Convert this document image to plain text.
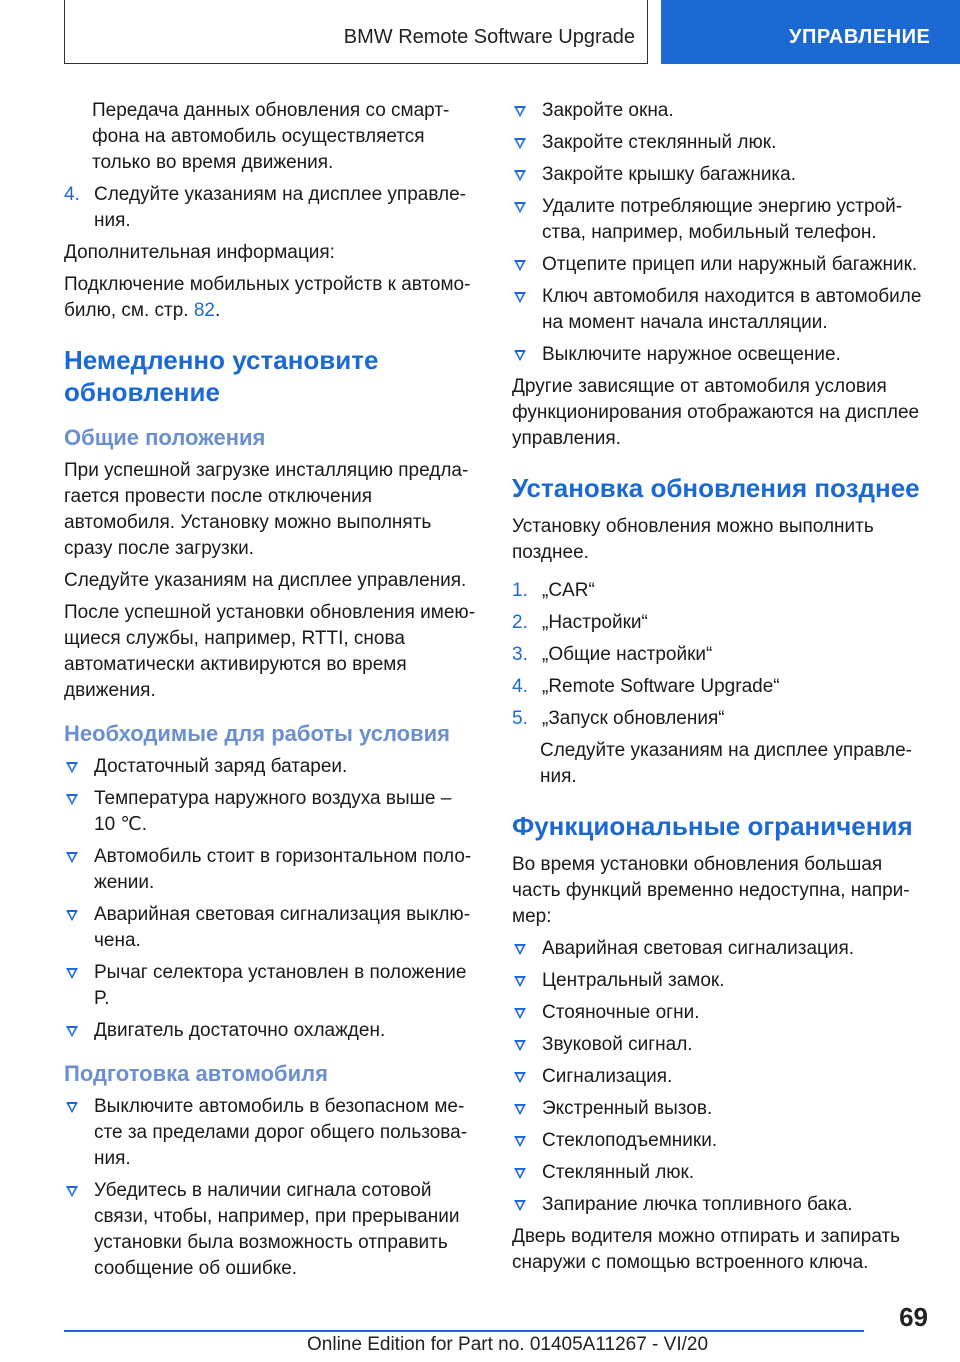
BMW Remote Software Upgrade	УПРАВЛЕНИЕ

Передача данных обновления со смартфона на автомобиль осуществляется только во время движения.

4. Следуйте указаниям на дисплее управления.

Дополнительная информация:

Подключение мобильных устройств к автомобилю, см. стр. 82.

Немедленно установите обновление
Общие положения

При успешной загрузке инсталляцию предлагается провести после отключения автомобиля. Установку можно выполнять сразу после загрузки.

Следуйте указаниям на дисплее управления.

После успешной установки обновления имеющиеся службы, например, RTTI, снова автоматически активируются во время движения.

Необходимые для работы условия
Достаточный заряд батареи.
Температура наружного воздуха выше – 10 ℃.
Автомобиль стоит в горизонтальном положении.
Аварийная световая сигнализация выключена.
Рычаг селектора установлен в положение P.
Двигатель достаточно охлажден.
Подготовка автомобиля
Выключите автомобиль в безопасном месте за пределами дорог общего пользования.
Убедитесь в наличии сигнала сотовой связи, чтобы, например, при прерывании установки была возможность отправить сообщение об ошибке.
Закройте окна.
Закройте стеклянный люк.
Закройте крышку багажника.
Удалите потребляющие энергию устройства, например, мобильный телефон.
Отцепите прицеп или наружный багажник.
Ключ автомобиля находится в автомобиле на момент начала инсталляции.
Выключите наружное освещение.

Другие зависящие от автомобиля условия функционирования отображаются на дисплее управления.

Установка обновления позднее

Установку обновления можно выполнить позднее.

1. „CAR“
2. „Настройки“
3. „Общие настройки“
4. „Remote Software Upgrade“
5. „Запуск обновления“

Следуйте указаниям на дисплее управления.

Функциональные ограничения

Во время установки обновления большая часть функций временно недоступна, например:

Аварийная световая сигнализация.
Центральный замок.
Стояночные огни.
Звуковой сигнал.
Сигнализация.
Экстренный вызов.
Стеклоподъемники.
Стеклянный люк.
Запирание лючка топливного бака.

Дверь водителя можно отпирать и запирать снаружи с помощью встроенного ключа.

69
Online Edition for Part no. 01405A11267 - VI/20
